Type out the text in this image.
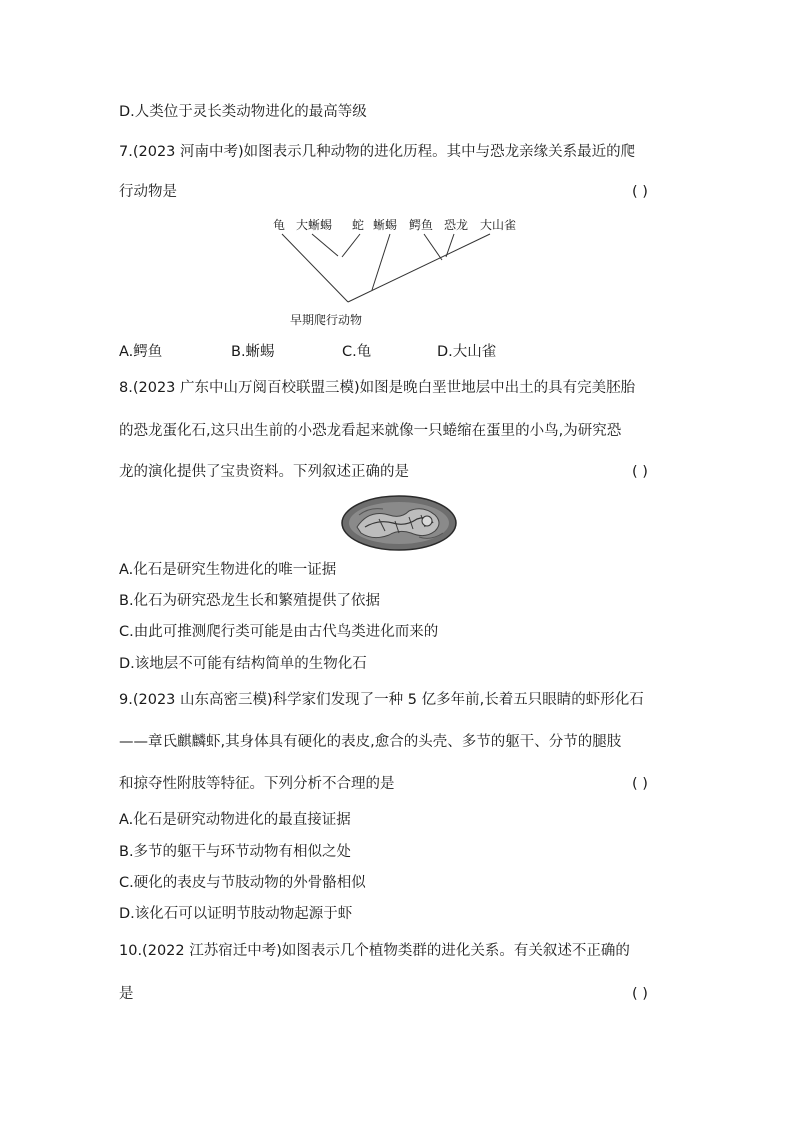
D.人类位于灵长类动物进化的最高等级
7.(2023 河南中考)如图表示几种动物的进化历程。其中与恐龙亲缘关系最近的爬
行动物是	( )
龟 大蜥蜴 蛇 蜥蜴 鳄鱼 恐龙 大山雀
早期爬行动物
A.鳄鱼	B.蜥蜴	C.龟	D.大山雀
8.(2023 广东中山万阅百校联盟三模)如图是晚白垩世地层中出土的具有完美胚胎
的恐龙蛋化石,这只出生前的小恐龙看起来就像一只蜷缩在蛋里的小鸟,为研究恐
龙的演化提供了宝贵资料。下列叙述正确的是	( )
A.化石是研究生物进化的唯一证据
B.化石为研究恐龙生长和繁殖提供了依据
C.由此可推测爬行类可能是由古代鸟类进化而来的
D.该地层不可能有结构简单的生物化石
9.(2023 山东高密三模)科学家们发现了一种 5 亿多年前,长着五只眼睛的虾形化石
——章氏麒麟虾,其身体具有硬化的表皮,愈合的头壳、多节的躯干、分节的腿肢
和掠夺性附肢等特征。下列分析不合理的是	( )
A.化石是研究动物进化的最直接证据
B.多节的躯干与环节动物有相似之处
C.硬化的表皮与节肢动物的外骨骼相似
D.该化石可以证明节肢动物起源于虾
10.(2022 江苏宿迁中考)如图表示几个植物类群的进化关系。有关叙述不正确的
是	( )
